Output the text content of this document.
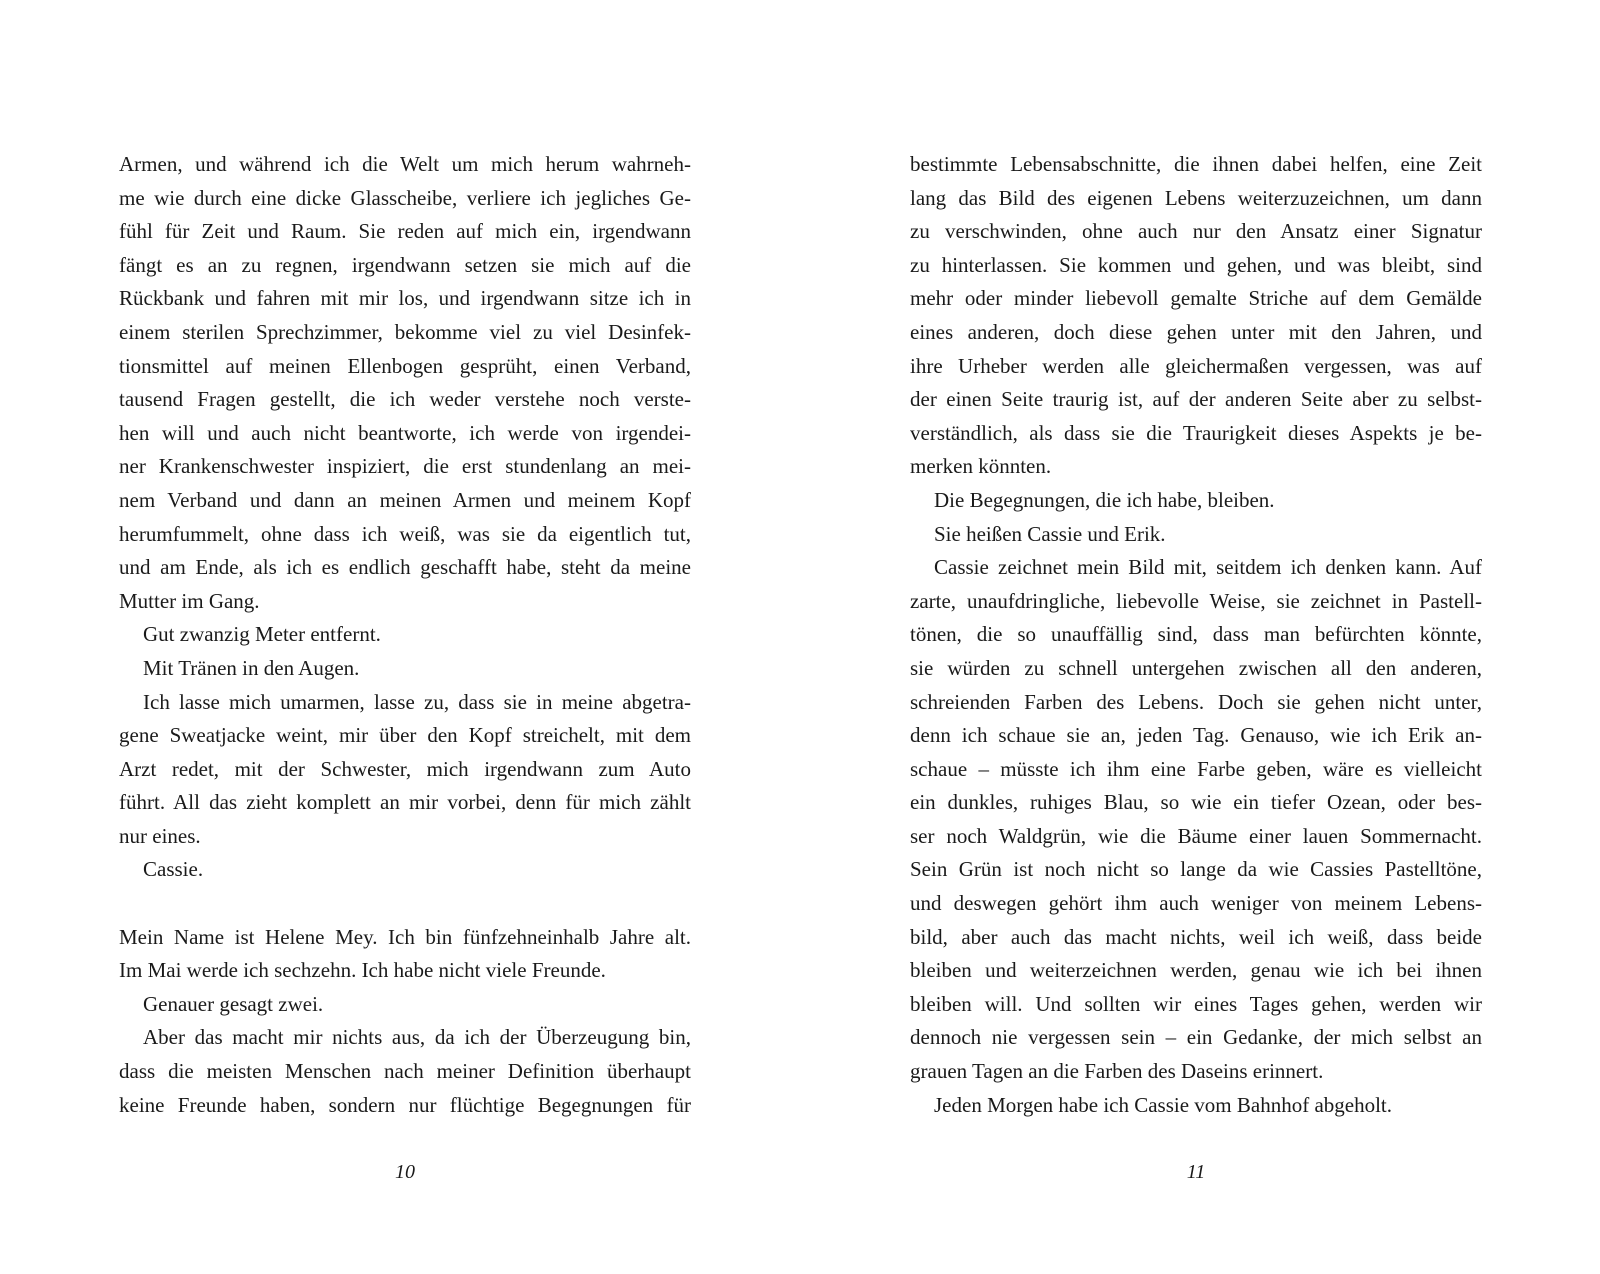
Armen, und während ich die Welt um mich herum wahrneh-
me wie durch eine dicke Glasscheibe, verliere ich jegliches Ge-
fühl für Zeit und Raum. Sie reden auf mich ein, irgendwann
fängt es an zu regnen, irgendwann setzen sie mich auf die
Rückbank und fahren mit mir los, und irgendwann sitze ich in
einem sterilen Sprechzimmer, bekomme viel zu viel Desinfek-
tionsmittel auf meinen Ellenbogen gesprüht, einen Verband,
tausend Fragen gestellt, die ich weder verstehe noch verste-
hen will und auch nicht beantworte, ich werde von irgendei-
ner Krankenschwester inspiziert, die erst stundenlang an mei-
nem Verband und dann an meinen Armen und meinem Kopf
herumfummelt, ohne dass ich weiß, was sie da eigentlich tut,
und am Ende, als ich es endlich geschafft habe, steht da meine
Mutter im Gang.
Gut zwanzig Meter entfernt.
Mit Tränen in den Augen.
Ich lasse mich umarmen, lasse zu, dass sie in meine abgetra-
gene Sweatjacke weint, mir über den Kopf streichelt, mit dem
Arzt redet, mit der Schwester, mich irgendwann zum Auto
führt. All das zieht komplett an mir vorbei, denn für mich zählt
nur eines.
Cassie.
Mein Name ist Helene Mey. Ich bin fünfzehneinhalb Jahre alt.
Im Mai werde ich sechzehn. Ich habe nicht viele Freunde.
Genauer gesagt zwei.
Aber das macht mir nichts aus, da ich der Überzeugung bin,
dass die meisten Menschen nach meiner Definition überhaupt
keine Freunde haben, sondern nur flüchtige Begegnungen für
bestimmte Lebensabschnitte, die ihnen dabei helfen, eine Zeit
lang das Bild des eigenen Lebens weiterzuzeichnen, um dann
zu verschwinden, ohne auch nur den Ansatz einer Signatur
zu hinterlassen. Sie kommen und gehen, und was bleibt, sind
mehr oder minder liebevoll gemalte Striche auf dem Gemälde
eines anderen, doch diese gehen unter mit den Jahren, und
ihre Urheber werden alle gleichermaßen vergessen, was auf
der einen Seite traurig ist, auf der anderen Seite aber zu selbst-
verständlich, als dass sie die Traurigkeit dieses Aspekts je be-
merken könnten.
Die Begegnungen, die ich habe, bleiben.
Sie heißen Cassie und Erik.
Cassie zeichnet mein Bild mit, seitdem ich denken kann. Auf
zarte, unaufdringliche, liebevolle Weise, sie zeichnet in Pastell-
tönen, die so unauffällig sind, dass man befürchten könnte,
sie würden zu schnell untergehen zwischen all den anderen,
schreienden Farben des Lebens. Doch sie gehen nicht unter,
denn ich schaue sie an, jeden Tag. Genauso, wie ich Erik an-
schaue – müsste ich ihm eine Farbe geben, wäre es vielleicht
ein dunkles, ruhiges Blau, so wie ein tiefer Ozean, oder bes-
ser noch Waldgrün, wie die Bäume einer lauen Sommernacht.
Sein Grün ist noch nicht so lange da wie Cassies Pastelltöne,
und deswegen gehört ihm auch weniger von meinem Lebens-
bild, aber auch das macht nichts, weil ich weiß, dass beide
bleiben und weiterzeichnen werden, genau wie ich bei ihnen
bleiben will. Und sollten wir eines Tages gehen, werden wir
dennoch nie vergessen sein – ein Gedanke, der mich selbst an
grauen Tagen an die Farben des Daseins erinnert.
Jeden Morgen habe ich Cassie vom Bahnhof abgeholt.
10	11
